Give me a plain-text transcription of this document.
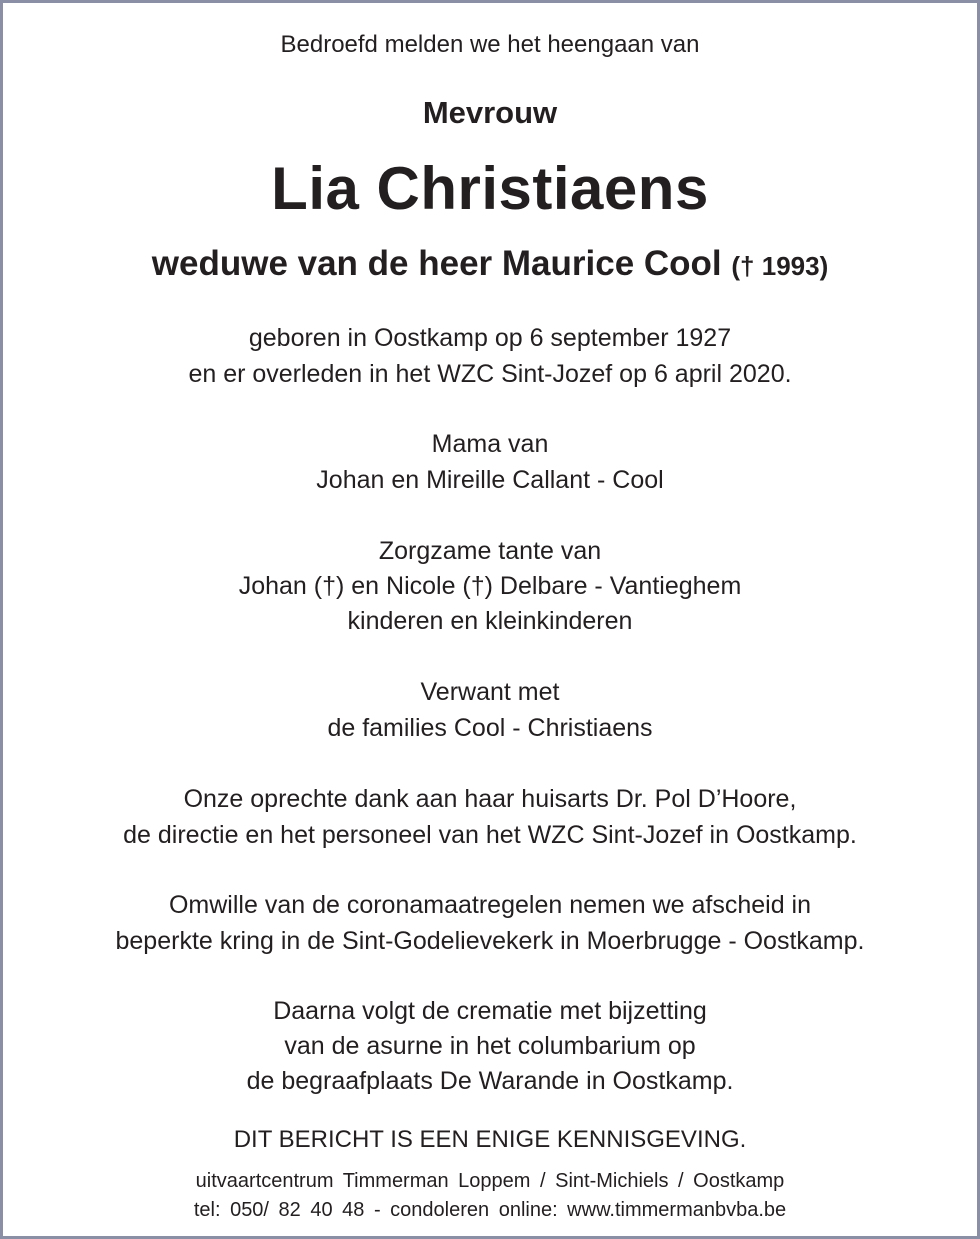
Bedroefd melden we het heengaan van
Mevrouw
Lia Christiaens
weduwe van de heer Maurice Cool († 1993)
geboren in Oostkamp op 6 september 1927
en er overleden in het WZC Sint-Jozef op 6 april 2020.
Mama van
Johan en Mireille Callant - Cool
Zorgzame tante van
Johan (†) en Nicole (†) Delbare - Vantieghem
kinderen en kleinkinderen
Verwant met
de families Cool - Christiaens
Onze oprechte dank aan haar huisarts Dr. Pol D’Hoore,
de directie en het personeel van het WZC Sint-Jozef in Oostkamp.
Omwille van de coronamaatregelen nemen we afscheid in
beperkte kring in de Sint-Godelievekerk in Moerbrugge - Oostkamp.
Daarna volgt de crematie met bijzetting
van de asurne in het columbarium op
de begraafplaats De Warande in Oostkamp.
DIT BERICHT IS EEN ENIGE KENNISGEVING.
uitvaartcentrum Timmerman Loppem / Sint-Michiels / Oostkamp
tel: 050/ 82 40 48 - condoleren online: www.timmermanbvba.be
